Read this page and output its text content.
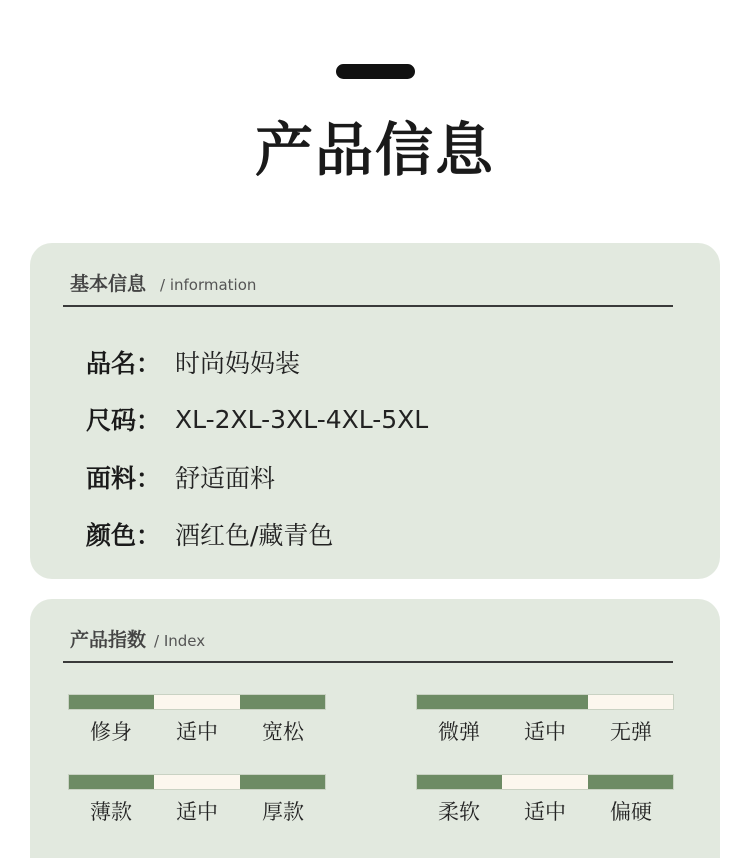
产品信息
基本信息 / information
品名： 时尚妈妈装
尺码： XL-2XL-3XL-4XL-5XL
面料： 舒适面料
颜色： 酒红色/藏青色
产品指数 / Index
修身	适中	宽松	微弹	适中	无弹
薄款	适中	厚款	柔软	适中	偏硬
